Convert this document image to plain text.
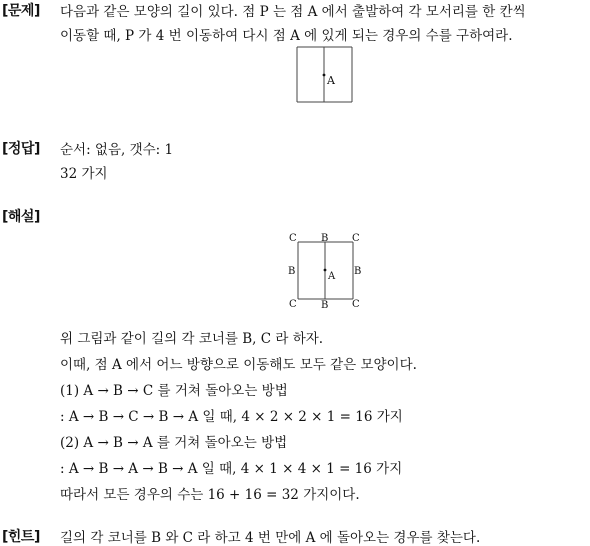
[문제] 다음과 같은 모양의 길이 있다. 점 P 는 점 A 에서 출발하여 각 모서리를 한 칸씩
이동할 때, P 가 4 번 이동하여 다시 점 A 에 있게 되는 경우의 수를 구하여라.
A
[정답] 순서: 없음, 갯수: 1
32 가지
[해설]
C B C
B	A B
C B C
위 그림과 같이 길의 각 코너를 B, C 라 하자.
이때, 점 A 에서 어느 방향으로 이동해도 모두 같은 모양이다.
(1) A → B → C 를 거쳐 돌아오는 방법
: A → B → C → B → A 일 때, 4 × 2 × 2 × 1 = 16 가지
(2) A → B → A 를 거쳐 돌아오는 방법
: A → B → A → B → A 일 때, 4 × 1 × 4 × 1 = 16 가지
따라서 모든 경우의 수는 16 + 16 = 32 가지이다.
[힌트] 길의 각 코너를 B 와 C 라 하고 4 번 만에 A 에 돌아오는 경우를 찾는다.
